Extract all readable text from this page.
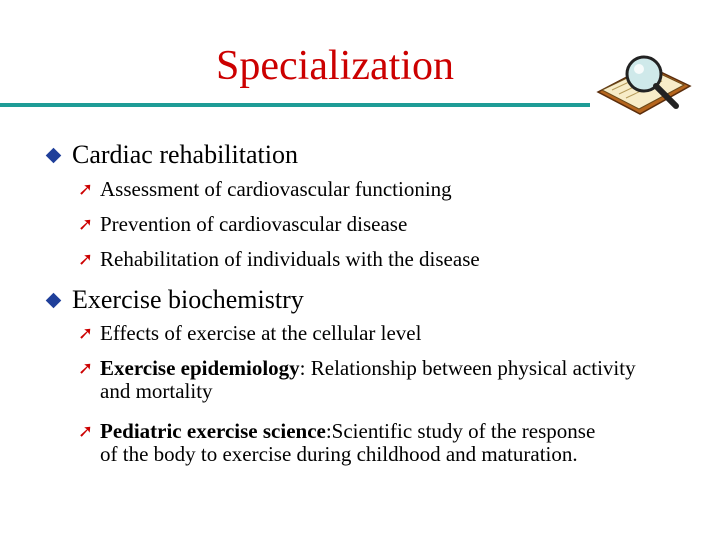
Specialization
Cardiac rehabilitation
➚ Assessment of cardiovascular functioning
➚ Prevention of cardiovascular disease
➚ Rehabilitation of individuals with the disease
Exercise biochemistry
➚ Effects of exercise at the cellular level
➚ Exercise epidemiology: Relationship between physical activity and mortality
➚ Pediatric exercise science:Scientific study of the response of the body to exercise during childhood and maturation.
